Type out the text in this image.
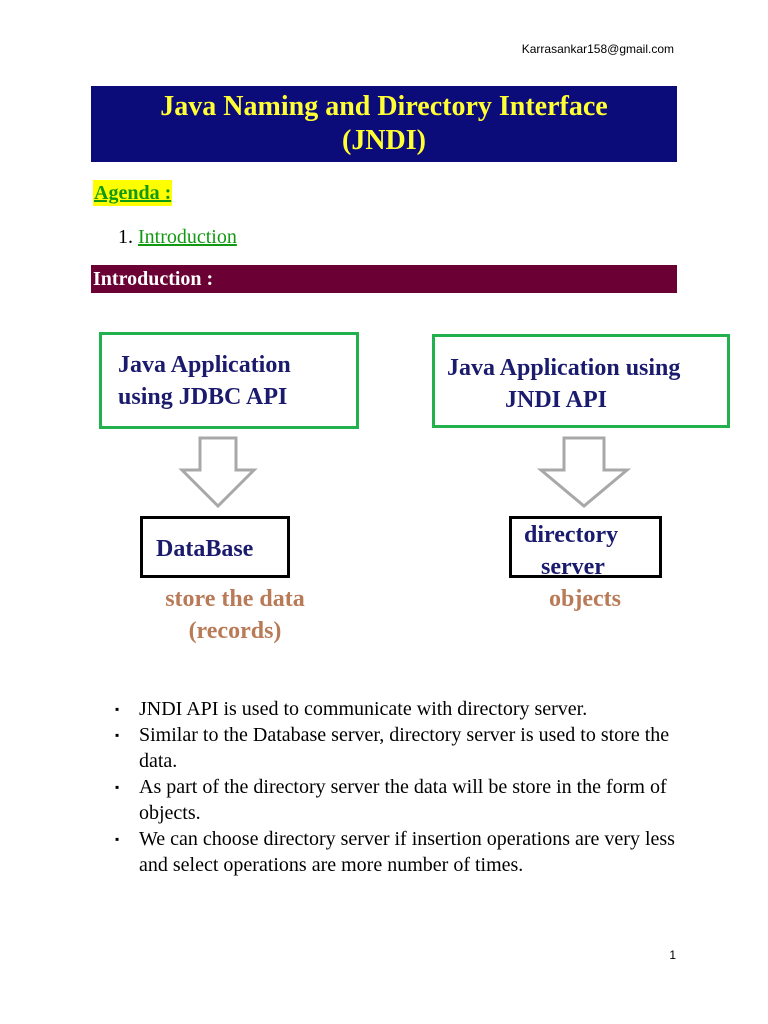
Karrasankar158@gmail.com
Java Naming and Directory Interface
(JNDI)
Agenda :
1. Introduction
Introduction :
Java Application
using JDBC API
DataBase
store the data
(records)
Java Application using
JNDI API
directory
server
objects
▪ JNDI API is used to communicate with directory server.
▪ Similar to the Database server, directory server is used to store the data.
▪ As part of the directory server the data will be store in the form of objects.
▪ We can choose directory server if insertion operations are very less and select operations are more number of times.
1
